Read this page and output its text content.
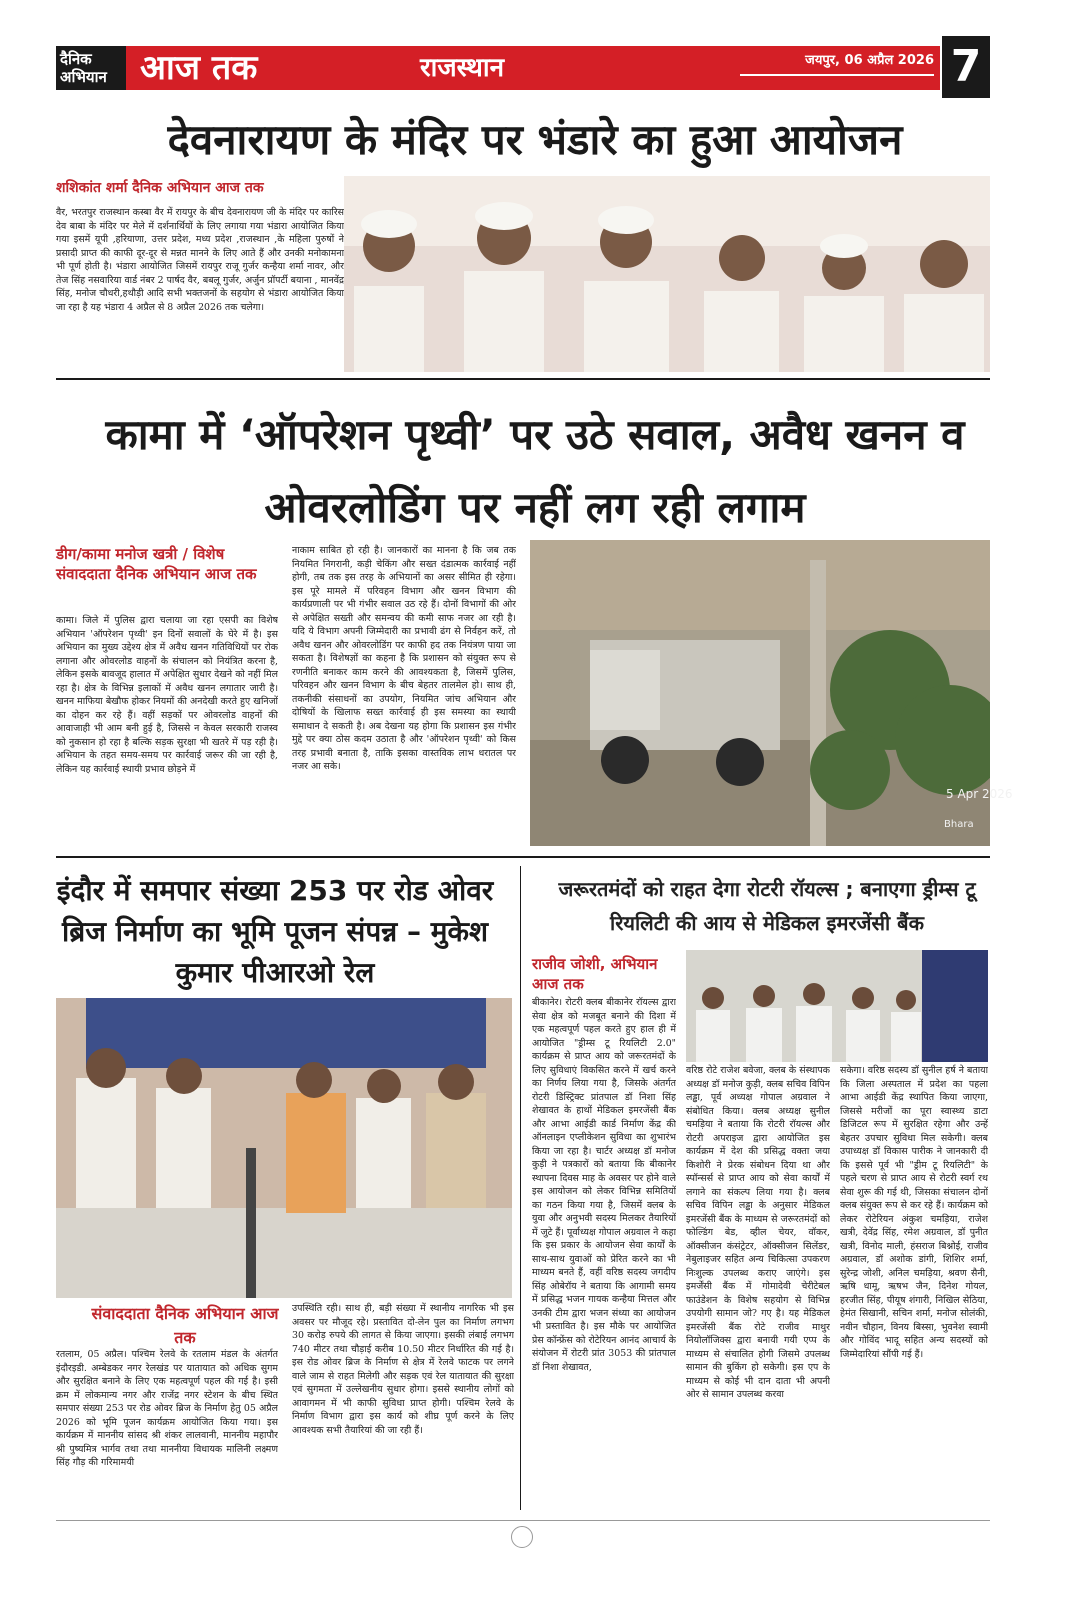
दैनिक
अभियान आज तक	राजस्थान	जयपुर, 06 अप्रैल 2026 7
देवनारायण के मंदिर पर भंडारे का हुआ आयोजन
शशिकांत शर्मा दैनिक अभियान आज तक
वैर, भरतपुर राजस्थान कस्बा वैर में रायपुर के बीच देवनारायण जी के मंदिर पर कारिस देव बाबा के मंदिर पर मेले में दर्शनार्थियों के लिए लगाया गया भंडारा आयोजित किया गया इसमें यूपी ,हरियाणा, उत्तर प्रदेश, मध्य प्रदेश ,राजस्थान ,के महिला पुरुषों ने प्रसादी प्राप्त की काफी दूर-दूर से मन्नत मानने के लिए आते हैं और उनकी मनोकामना भी पूर्ण होती है। भंडारा आयोजित जिसमें रायपुर राजू गुर्जर कन्हैया शर्मा नावर, और तेज सिंह नसवारिया वार्ड नंबर 2 पार्षद वैर, बबलू गुर्जर, अर्जुन प्रॉपर्टी बयाना , मानवेंद्र सिंह, मनोज चौधरी,हथौड़ी आदि सभी भक्तजनों के सहयोग से भंडारा आयोजित किया जा रहा है यह भंडारा 4 अप्रैल से 8 अप्रैल 2026 तक चलेगा।
कामा में ‘ऑपरेशन पृथ्वी’ पर उठे सवाल, अवैध खनन व ओवरलोडिंग पर नहीं लग रही लगाम
डीग/कामा मनोज खत्री / विशेष संवाददाता दैनिक अभियान आज तक
कामा। जिले में पुलिस द्वारा चलाया जा रहा एसपी का विशेष अभियान 'ऑपरेशन पृथ्वी' इन दिनों सवालों के घेरे में है। इस अभियान का मुख्य उद्देश्य क्षेत्र में अवैध खनन गतिविधियों पर रोक लगाना और ओवरलोड वाहनों के संचालन को नियंत्रित करना है, लेकिन इसके बावजूद हालात में अपेक्षित सुधार देखने को नहीं मिल रहा है। क्षेत्र के विभिन्न इलाकों में अवैध खनन लगातार जारी है। खनन माफिया बेखौफ होकर नियमों की अनदेखी करते हुए खनिजों का दोहन कर रहे हैं। वहीं सड़कों पर ओवरलोड वाहनों की आवाजाही भी आम बनी हुई है, जिससे न केवल सरकारी राजस्व को नुकसान हो रहा है बल्कि सड़क सुरक्षा भी खतरे में पड़ रही है। अभियान के तहत समय-समय पर कार्रवाई जरूर की जा रही है, लेकिन यह कार्रवाई स्थायी प्रभाव छोड़ने में
नाकाम साबित हो रही है। जानकारों का मानना है कि जब तक नियमित निगरानी, कड़ी चेकिंग और सख्त दंडात्मक कार्रवाई नहीं होगी, तब तक इस तरह के अभियानों का असर सीमित ही रहेगा। इस पूरे मामले में परिवहन विभाग और खनन विभाग की कार्यप्रणाली पर भी गंभीर सवाल उठ रहे हैं। दोनों विभागों की ओर से अपेक्षित सख्ती और समन्वय की कमी साफ नजर आ रही है। यदि ये विभाग अपनी जिम्मेदारी का प्रभावी ढंग से निर्वहन करें, तो अवैध खनन और ओवरलोडिंग पर काफी हद तक नियंत्रण पाया जा सकता है। विशेषज्ञों का कहना है कि प्रशासन को संयुक्त रूप से रणनीति बनाकर काम करने की आवश्यकता है, जिसमें पुलिस, परिवहन और खनन विभाग के बीच बेहतर तालमेल हो। साथ ही, तकनीकी संसाधनों का उपयोग, नियमित जांच अभियान और दोषियों के खिलाफ सख्त कार्रवाई ही इस समस्या का स्थायी समाधान दे सकती है। अब देखना यह होगा कि प्रशासन इस गंभीर मुद्दे पर क्या ठोस कदम उठाता है और 'ऑपरेशन पृथ्वी' को किस तरह प्रभावी बनाता है, ताकि इसका वास्तविक लाभ धरातल पर नजर आ सके।
5 Apr 2026
Bhara
इंदौर में समपार संख्या 253 पर रोड ओवर ब्रिज निर्माण का भूमि पूजन संपन्न – मुकेश कुमार पीआरओ रेल
संवाददाता दैनिक अभियान आज तक
रतलाम, 05 अप्रैल। पश्चिम रेलवे के रतलाम मंडल के अंतर्गत इंदौरइडी. अम्बेडकर नगर रेलखंड पर यातायात को अधिक सुगम और सुरक्षित बनाने के लिए एक महत्वपूर्ण पहल की गई है। इसी क्रम में लोकमान्य नगर और राजेंद्र नगर स्टेशन के बीच स्थित समपार संख्या 253 पर रोड ओवर ब्रिज के निर्माण हेतु 05 अप्रैल 2026 को भूमि पूजन कार्यक्रम आयोजित किया गया। इस कार्यक्रम में माननीय सांसद श्री शंकर लालवानी, माननीय महापौर श्री पुष्यमित्र भार्गव तथा तथा माननीया विधायक मालिनी लक्ष्मण सिंह गौड़ की गरिमामयी
उपस्थिति रही। साथ ही, बड़ी संख्या में स्थानीय नागरिक भी इस अवसर पर मौजूद रहे। प्रस्तावित दो-लेन पुल का निर्माण लगभग 30 करोड़ रुपये की लागत से किया जाएगा। इसकी लंबाई लगभग 740 मीटर तथा चौड़ाई करीब 10.50 मीटर निर्धारित की गई है। इस रोड ओवर ब्रिज के निर्माण से क्षेत्र में रेलवे फाटक पर लगने वाले जाम से राहत मिलेगी और सड़क एवं रेल यातायात की सुरक्षा एवं सुगमता में उल्लेखनीय सुधार होगा। इससे स्थानीय लोगों को आवागमन में भी काफी सुविधा प्राप्त होगी। पश्चिम रेलवे के निर्माण विभाग द्वारा इस कार्य को शीघ्र पूर्ण करने के लिए आवश्यक सभी तैयारियां की जा रही हैं।
जरूरतमंदों को राहत देगा रोटरी रॉयल्स ; बनाएगा ड्रीम्स टू रियलिटी की आय से मेडिकल इमरजेंसी बैंक
राजीव जोशी, अभियान आज तक
बीकानेर। रोटरी क्लब बीकानेर रॉयल्स द्वारा सेवा क्षेत्र को मजबूत बनाने की दिशा में एक महत्वपूर्ण पहल करते हुए हाल ही में आयोजित "ड्रीम्स टू रियलिटी 2.0" कार्यक्रम से प्राप्त आय को जरूरतमंदों के लिए सुविधाएं विकसित करने में खर्च करने का निर्णय लिया गया है, जिसके अंतर्गत रोटरी डिस्ट्रिक्ट प्रांतपाल डॉ निशा सिंह शेखावत के हाथों मेडिकल इमरजेंसी बैंक और आभा आईडी कार्ड निर्माण केंद्र की ऑनलाइन एप्लीकेशन सुविधा का शुभारंभ किया जा रहा है। चार्टर अध्यक्ष डॉ मनोज कुड़ी ने पत्रकारों को बताया कि बीकानेर स्थापना दिवस माह के अवसर पर होने वाले इस आयोजन को लेकर विभिन्न समितियों का गठन किया गया है, जिसमें क्लब के युवा और अनुभवी सदस्य मिलकर तैयारियों में जुटे हैं। पूर्वाध्यक्ष गोपाल अग्रवाल ने कहा कि इस प्रकार के आयोजन सेवा कार्यों के साथ-साथ युवाओं को प्रेरित करने का भी माध्यम बनते हैं, वहीं वरिष्ठ सदस्य जगदीप सिंह ओबेरॉय ने बताया कि आगामी समय में प्रसिद्ध भजन गायक कन्हैया मित्तल और उनकी टीम द्वारा भजन संध्या का आयोजन भी प्रस्तावित है। इस मौके पर आयोजित प्रेस कॉन्फ्रेंस को रोटेरियन आनंद आचार्य के संयोजन में रोटरी प्रांत 3053 की प्रांतपाल डॉ निशा शेखावत,
वरिष्ठ रोटे राजेश बवेजा, क्लब के संस्थापक अध्यक्ष डॉ मनोज कुड़ी, क्लब सचिव विपिन लड्ढा, पूर्व अध्यक्ष गोपाल अग्रवाल ने संबोधित किया। क्लब अध्यक्ष सुनील चमड़िया ने बताया कि रोटरी रॉयल्स और रोटरी अपराइज द्वारा आयोजित इस कार्यक्रम में देश की प्रसिद्ध वक्ता जया किशोरी ने प्रेरक संबोधन दिया था और स्पॉन्सर्स से प्राप्त आय को सेवा कार्यों में लगाने का संकल्प लिया गया है। क्लब सचिव विपिन लड्ढा के अनुसार मेडिकल इमरजेंसी बैंक के माध्यम से जरूरतमंदों को फोल्डिंग बेड, व्हील चेयर, वॉकर, ऑक्सीजन कंसंट्रेटर, ऑक्सीजन सिलेंडर, नेबुलाइजर सहित अन्य चिकित्सा उपकरण निःशुल्क उपलब्ध कराए जाएंगे। इस इमर्जेंसी बैंक में गोमादेवी चेरीटेबल फाउंडेशन के विशेष सहयोग से विभिन्न उपयोगी सामान जो? गए है। यह मेडिकल इमरजेंसी बैंक रोटे राजीव माथुर नियोलॉजिक्स द्वारा बनायी गयी एप्प के माध्यम से संचालित होगी जिसमे उपलब्ध सामान की बुकिंग हो सकेगी। इस एप के माध्यम से कोई भी दान दाता भी अपनी ओर से सामान उपलब्ध करवा
सकेगा। वरिष्ठ सदस्य डॉ सुनील हर्ष ने बताया कि जिला अस्पताल में प्रदेश का पहला आभा आईडी केंद्र स्थापित किया जाएगा, जिससे मरीजों का पूरा स्वास्थ्य डाटा डिजिटल रूप में सुरक्षित रहेगा और उन्हें बेहतर उपचार सुविधा मिल सकेगी। क्लब उपाध्यक्ष डॉ विकास पारीक ने जानकारी दी कि इससे पूर्व भी "ड्रीम टू रियलिटी" के पहले चरण से प्राप्त आय से रोटरी स्वर्ग रथ सेवा शुरू की गई थी, जिसका संचालन दोनों क्लब संयुक्त रूप से कर रहे हैं। कार्यक्रम को लेकर रोटेरियन अंकुश चमड़िया, राजेश खत्री, देवेंद्र सिंह, रमेश अग्रवाल, डॉ पुनीत खत्री, विनोद माली, हंसराज बिश्नोई, राजीव अग्रवाल, डॉ अशोक डांगी, शिशिर शर्मा, सुरेन्द्र जोशी, अनिल चमड़िया, श्रवण सैनी, ऋषि धामू, ऋषभ जैन, दिनेश गोयल, हरजीत सिंह, पीयूष शंगारी, निखिल सेठिया, हेमंत सिखानी, सचिन शर्मा, मनोज सोलंकी, नवीन चौहान, विनय बिस्सा, भुवनेश स्वामी और गोविंद भादू सहित अन्य सदस्यों को जिम्मेदारियां सौंपी गई हैं।
